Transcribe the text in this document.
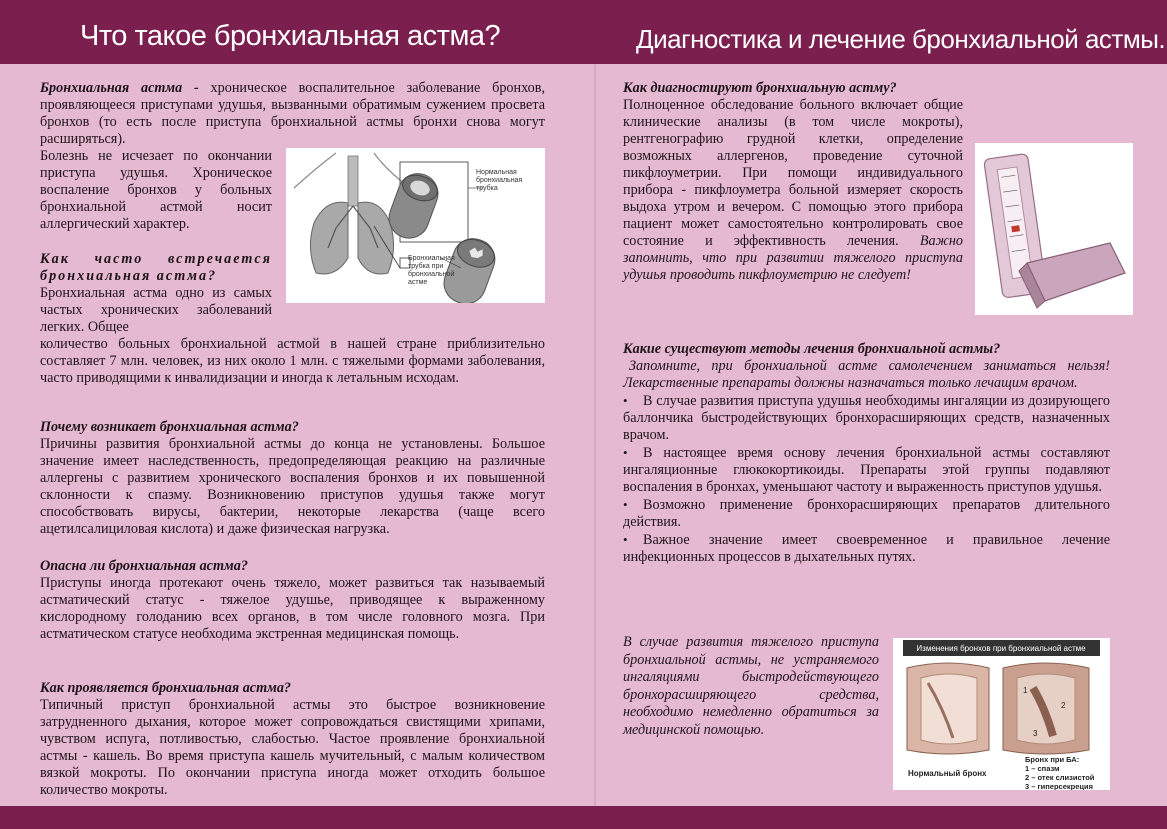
Что такое бронхиальная астма?	Диагностика и лечение бронхиальной астмы.

Бронхиальная астма - хроническое воспалительное заболевание бронхов, проявляющееся приступами удушья, вызванными обратимым сужением просвета бронхов (то есть после приступа бронхиальной астмы бронхи снова могут расширяться).

Болезнь не исчезает по окончании приступа удушья. Хроническое воспаление бронхов у больных бронхиальной астмой носит аллергический характер.

Как часто встречается бронхиальная астма?

Бронхиальная астма одно из самых частых хронических заболеваний легких. Общее

количество больных бронхиальной астмой в нашей стране приблизительно составляет 7 млн. человек, из них около 1 млн. с тяжелыми формами заболевания, часто приводящими к инвалидизации и иногда к летальным исходам.

Почему возникает бронхиальная астма?

Причины развития бронхиальной астмы до конца не установлены. Большое значение имеет наследственность, предопределяющая реакцию на различные аллергены с развитием хронического воспаления бронхов и их повышенной склонности к спазму. Возникновению приступов удушья также могут способствовать вирусы, бактерии, некоторые лекарства (чаще всего ацетилсалициловая кислота) и даже физическая нагрузка.

Опасна ли бронхиальная астма?

Приступы иногда протекают очень тяжело, может развиться так называемый астматический статус - тяжелое удушье, приводящее к выраженному кислородному голоданию всех органов, в том числе головного мозга. При астматическом статусе необходима экстренная медицинская помощь.

Как проявляется бронхиальная астма?

Типичный приступ бронхиальной астмы это быстрое возникновение затрудненного дыхания, которое может сопровождаться свистящими хрипами, чувством испуга, потливостью, слабостью. Частое проявление бронхиальной астмы - кашель. Во время приступа кашель мучительный, с малым количеством вязкой мокроты. По окончании приступа иногда может отходить большое количество мокроты.

Нормальная бронхиальная трубка
Бронхиальная трубка при бронхиальной астме

Как диагностируют бронхиальную астму?

Полноценное обследование больного включает общие клинические анализы (в том числе мокроты), рентгенографию грудной клетки, определение возможных аллергенов, проведение суточной пикфлоуметрии. При помощи индивидуального прибора - пикфлоуметра больной измеряет скорость выдоха утром и вечером. С помощью этого прибора пациент может самостоятельно контролировать свое состояние и эффективность лечения. Важно запомнить, что при развитии тяжелого приступа удушья проводить пикфлоуметрию не следует!

Какие существуют методы лечения бронхиальной астмы?

Запомните, при бронхиальной астме самолечением заниматься нельзя! Лекарственные препараты должны назначаться только лечащим врачом.

• В случае развития приступа удушья необходимы ингаляции из дозирующего баллончика быстродействующих бронхорасширяющих средств, назначенных врачом.

• В настоящее время основу лечения бронхиальной астмы составляют ингаляционные глюкокортикоиды. Препараты этой группы подавляют воспаления в бронхах, уменьшают частоту и выраженность приступов удушья.

• Возможно применение бронхорасширяющих препаратов длительного действия.

• Важное значение имеет своевременное и правильное лечение инфекционных процессов в дыхательных путях.

В случае развития тяжелого приступа бронхиальной астмы, не устраняемого ингаляциями быстродействующего бронхорасширяющего средства, необходимо немедленно обратиться за медицинской помощью.

Изменения бронхов при бронхиальной астме
1
2
3
Нормальный бронх
Бронх при БА: 1 – спазм 2 – отек слизистой 3 – гиперсекреция
